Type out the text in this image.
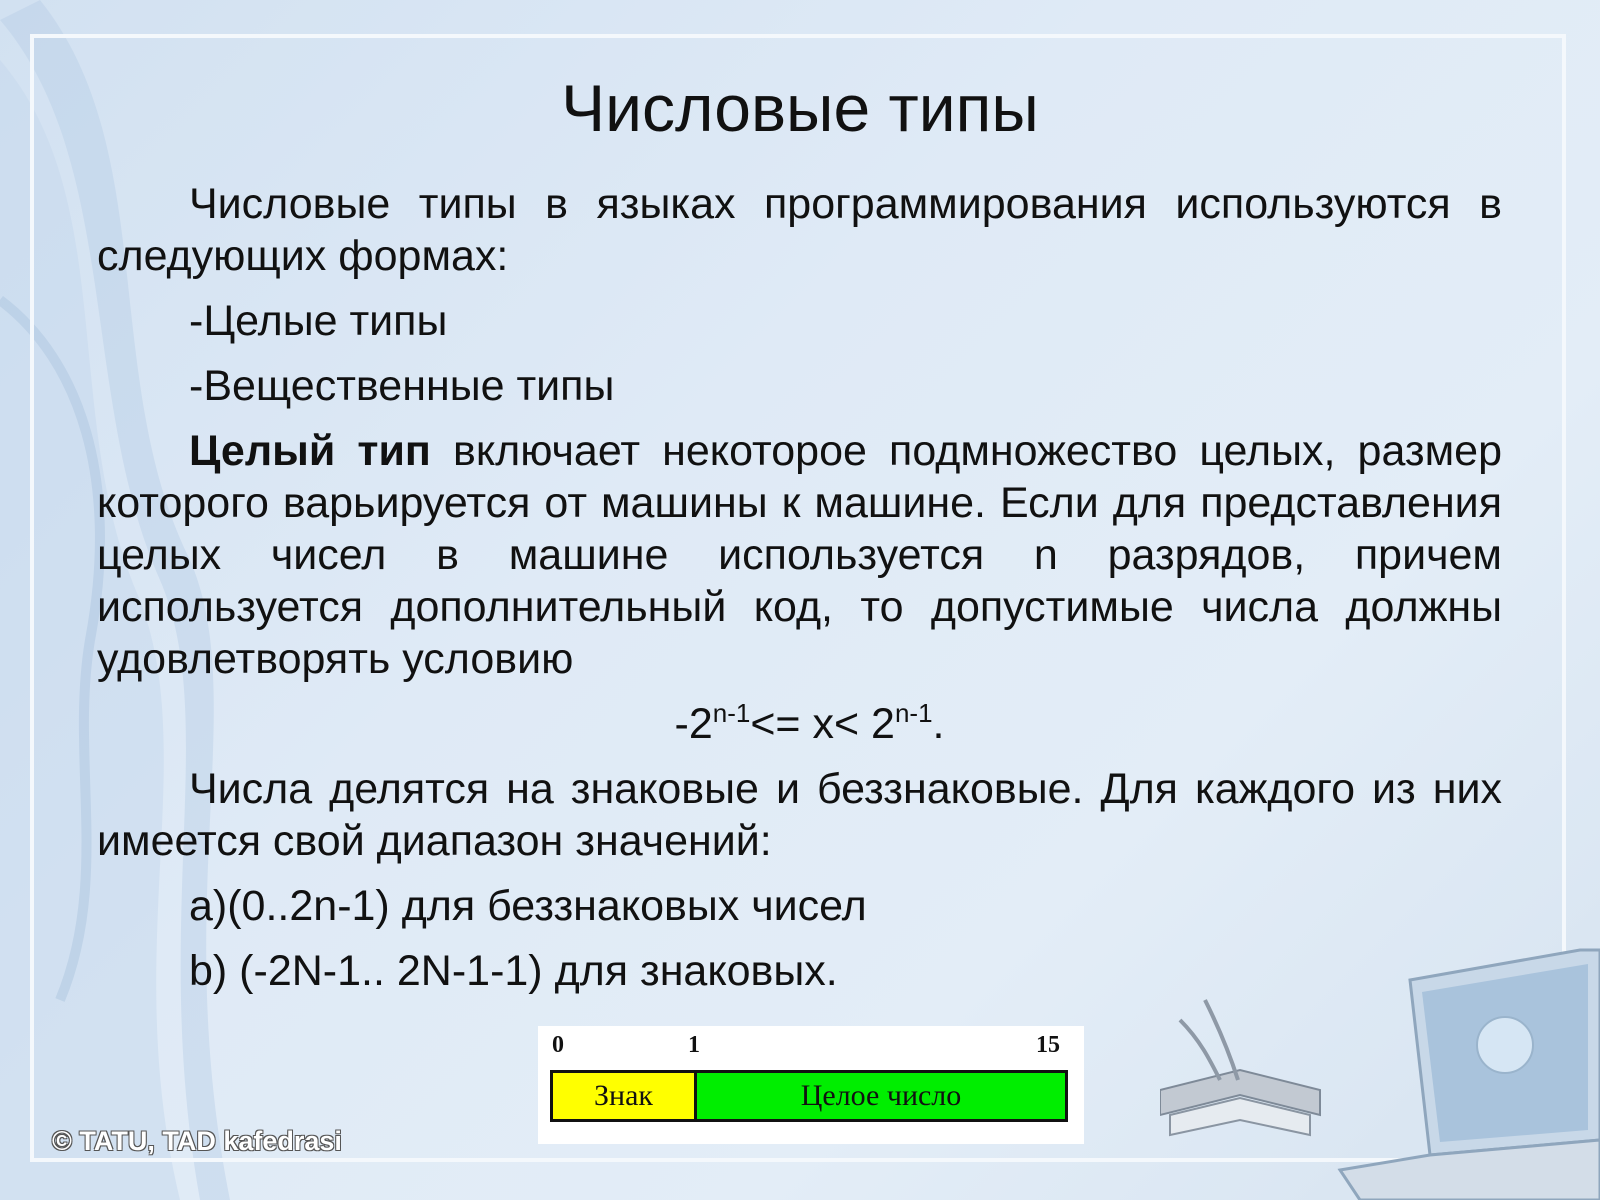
Числовые типы

Числовые типы в языках программирования используются в следующих формах:

-Целые типы

-Вещественные типы

Целый тип включает некоторое подмножество целых, размер которого варьируется от машины к машине. Если для представления целых чисел в машине используется n разрядов, причем используется дополнительный код, то допустимые числа должны удовлетворять условию

$-2^{n-1}<= x< 2^{n-1}$.

Числа делятся на знаковые и беззнаковые. Для каждого из них имеется свой диапазон значений:

a)(0..2n-1) для беззнаковых чисел

b) (-2N-1.. 2N-1-1) для знаковых.

0	1	15
Знак	Целое число
© TATU, TAD kafedrasi
